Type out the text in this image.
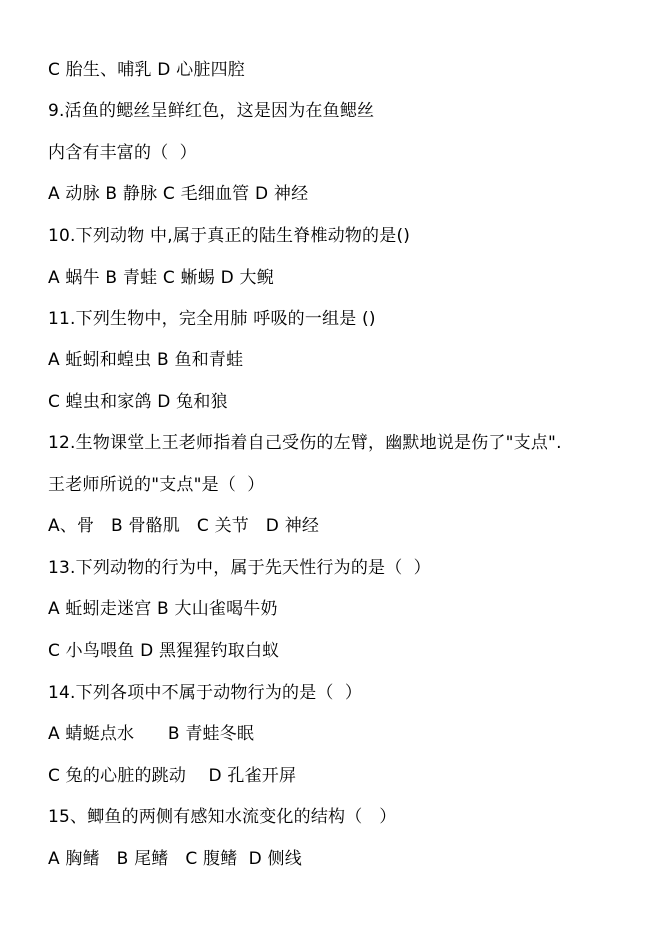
C 胎生、哺乳 D 心脏四腔
9.活鱼的鳃丝呈鲜红色，这是因为在鱼鳃丝
内含有丰富的（  ）
A 动脉 B 静脉 C 毛细血管 D 神经
10.下列动物 中,属于真正的陆生脊椎动物的是()
A 蜗牛 B 青蛙 C 蜥蜴 D 大鲵
11.下列生物中，完全用肺 呼吸的一组是 ()
A 蚯蚓和蝗虫 B 鱼和青蛙
C 蝗虫和家鸽 D 兔和狼
12.生物课堂上王老师指着自己受伤的左臂，幽默地说是伤了"支点".
王老师所说的"支点"是（  ）
A、骨   B 骨骼肌   C 关节   D 神经
13.下列动物的行为中，属于先天性行为的是（  ）
A 蚯蚓走迷宫 B 大山雀喝牛奶
C 小鸟喂鱼 D 黑猩猩钓取白蚁
14.下列各项中不属于动物行为的是（  ）
A 蜻蜓点水      B 青蛙冬眠
C 兔的心脏的跳动    D 孔雀开屏
15、鲫鱼的两侧有感知水流变化的结构（   ）
A 胸鳍   B 尾鳍   C 腹鳍  D 侧线
